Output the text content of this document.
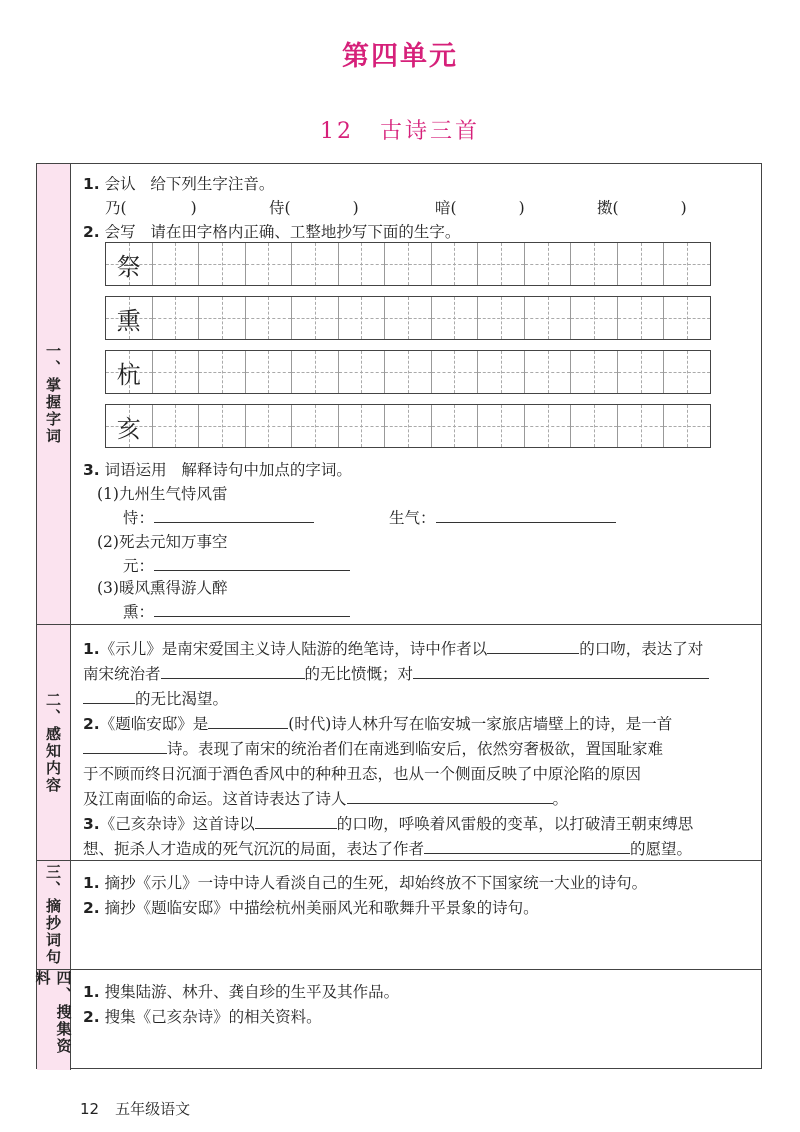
第四单元
12 古诗三首
一、掌握字词
1. 会认 给下列生字注音。
乃(	)	侍(	)	喑(	)	擞(	)
2. 会写 请在田字格内正确、工整地抄写下面的生字。
祭
熏
杭
亥
3. 词语运用 解释诗句中加点的字词。
(1)九州生气恃风雷
恃：	生气：
(2)死去元知万事空
元：
(3)暖风熏得游人醉
熏：
二、感知内容
1.《示儿》是南宋爱国主义诗人陆游的绝笔诗，诗中作者以	的口吻，表达了对
南宋统治者	的无比愤慨；对
的无比渴望。
2.《题临安邸》是	(时代)诗人林升写在临安城一家旅店墙壁上的诗，是一首
诗。表现了南宋的统治者们在南逃到临安后，依然穷奢极欲，置国耻家难
于不顾而终日沉湎于酒色香风中的种种丑态，也从一个侧面反映了中原沦陷的原因
及江南面临的命运。这首诗表达了诗人	。
3.《己亥杂诗》这首诗以	的口吻，呼唤着风雷般的变革，以打破清王朝束缚思
想、扼杀人才造成的死气沉沉的局面，表达了作者	的愿望。
三、摘抄词句 1. 摘抄《示儿》一诗中诗人看淡自己的生死，却始终放不下国家统一大业的诗句。
2. 摘抄《题临安邸》中描绘杭州美丽风光和歌舞升平景象的诗句。
四、搜集资料
1. 搜集陆游、林升、龚自珍的生平及其作品。
2. 搜集《己亥杂诗》的相关资料。
12 五年级语文
